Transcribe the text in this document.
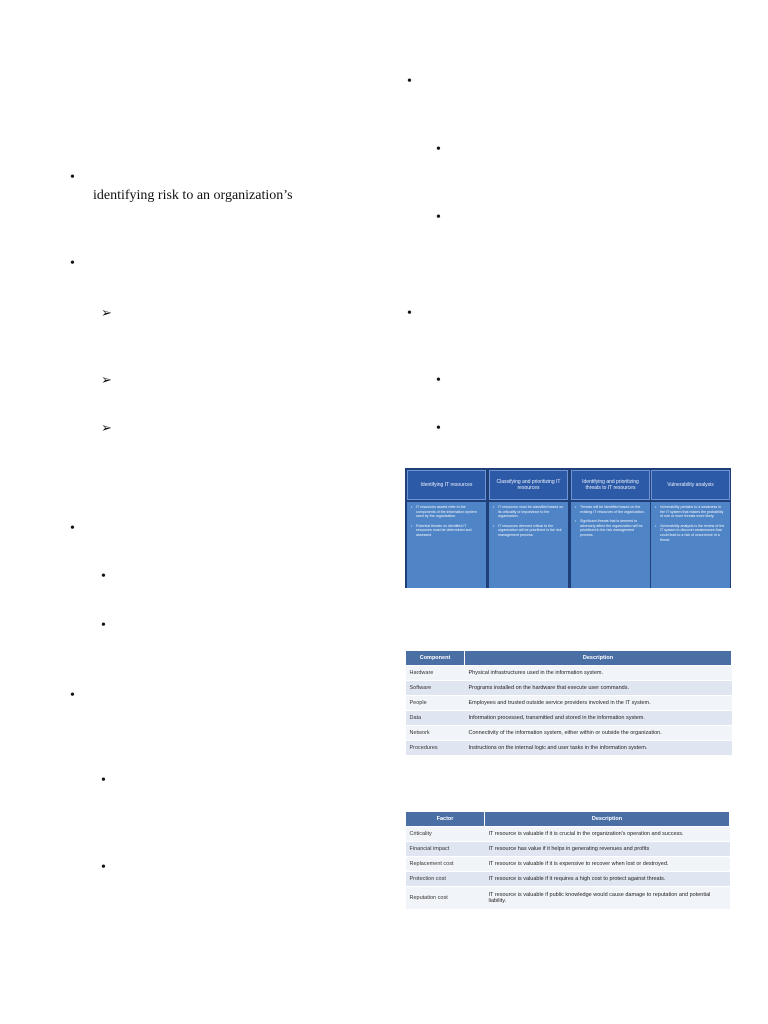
•
identifying risk to an organization’s
•
➢
➢
➢
•
•
•
•
•
•
•
•
•
•
•
•
Identifying IT resources

• IT resources assets refer to the components of the information system used by the organization.

• Potential threats on identified IT resources must be determined and assessed.

Classifying and prioritizing IT resources

• IT resources must be classified based on its criticality or importance to the organization.

• IT resources deemed critical to the organization will be prioritized in the risk management process.

Identifying and prioritizing threats to IT resources

• Threats will be identified based on the existing IT resources of the organization.

• Significant threats that is deemed to adversely affect the organization will be prioritized in the risk management process.

Vulnerability analysis

• Vulnerability pertains to a weakness in the IT system that makes the probability of one or more threats more likely.

• Vulnerability analysis is the review of the IT system to discover weaknesses that could lead to a risk of occurrence of a threat.

Component	Description
Hardware	Physical infrastructures used in the information system.
Software	Programs installed on the hardware that execute user commands.
People	Employees and trusted outside service providers involved in the IT system.
Data	Information processed, transmitted and stored in the information system.
Network	Connectivity of the information system, either within or outside the organization.
Procedures	Instructions on the internal logic and user tasks in the information system.
Factor	Description
Criticality	IT resource is valuable if it is crucial in the organization's operation and success.
Financial impact	IT resource has value if it helps in generating revenues and profits
Replacement cost	IT resource is valuable if it is expensive to recover when lost or destroyed.
Protection cost	IT resource is valuable if it requires a high cost to protect against threats.
Reputation cost	IT resource is valuable if public knowledge would cause damage to reputation and potential liability.
